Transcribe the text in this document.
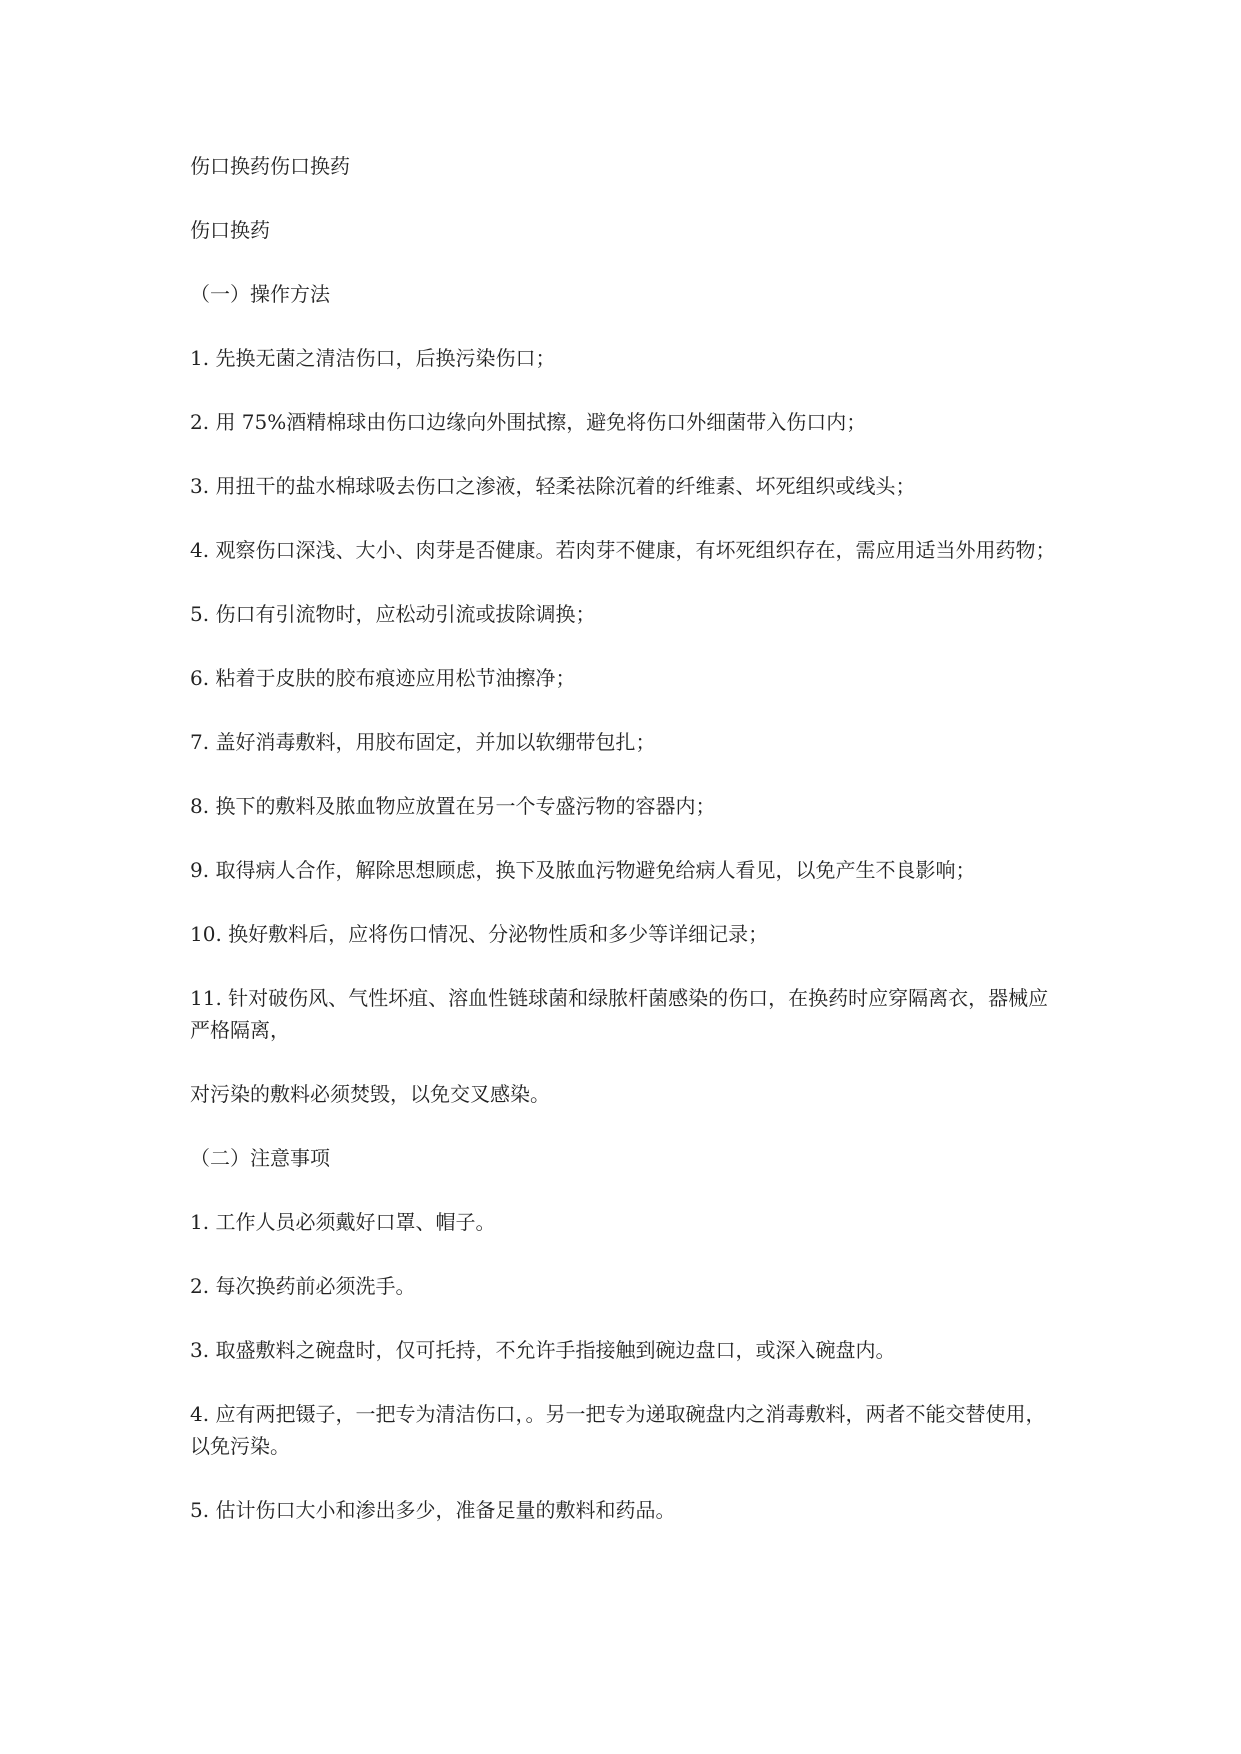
伤口换药伤口换药

伤口换药

（一）操作方法

1. 先换无菌之清洁伤口，后换污染伤口；

2. 用 75%酒精棉球由伤口边缘向外围拭擦，避免将伤口外细菌带入伤口内；

3. 用扭干的盐水棉球吸去伤口之渗液，轻柔祛除沉着的纤维素、坏死组织或线头；

4. 观察伤口深浅、大小、肉芽是否健康。若肉芽不健康，有坏死组织存在，需应用适当外用药物；

5. 伤口有引流物时，应松动引流或拔除调换；

6. 粘着于皮肤的胶布痕迹应用松节油擦净；

7. 盖好消毒敷料，用胶布固定，并加以软绷带包扎；

8. 换下的敷料及脓血物应放置在另一个专盛污物的容器内；

9. 取得病人合作，解除思想顾虑，换下及脓血污物避免给病人看见，以免产生不良影响；

10. 换好敷料后，应将伤口情况、分泌物性质和多少等详细记录；

11. 针对破伤风、气性坏疽、溶血性链球菌和绿脓杆菌感染的伤口，在换药时应穿隔离衣，器械应严格隔离，

对污染的敷料必须焚毁，以免交叉感染。

（二）注意事项

1. 工作人员必须戴好口罩、帽子。

2. 每次换药前必须洗手。

3. 取盛敷料之碗盘时，仅可托持，不允许手指接触到碗边盘口，或深入碗盘内。

4. 应有两把镊子，一把专为清洁伤口，。另一把专为递取碗盘内之消毒敷料，两者不能交替使用，以免污染。

5. 估计伤口大小和渗出多少，准备足量的敷料和药品。
